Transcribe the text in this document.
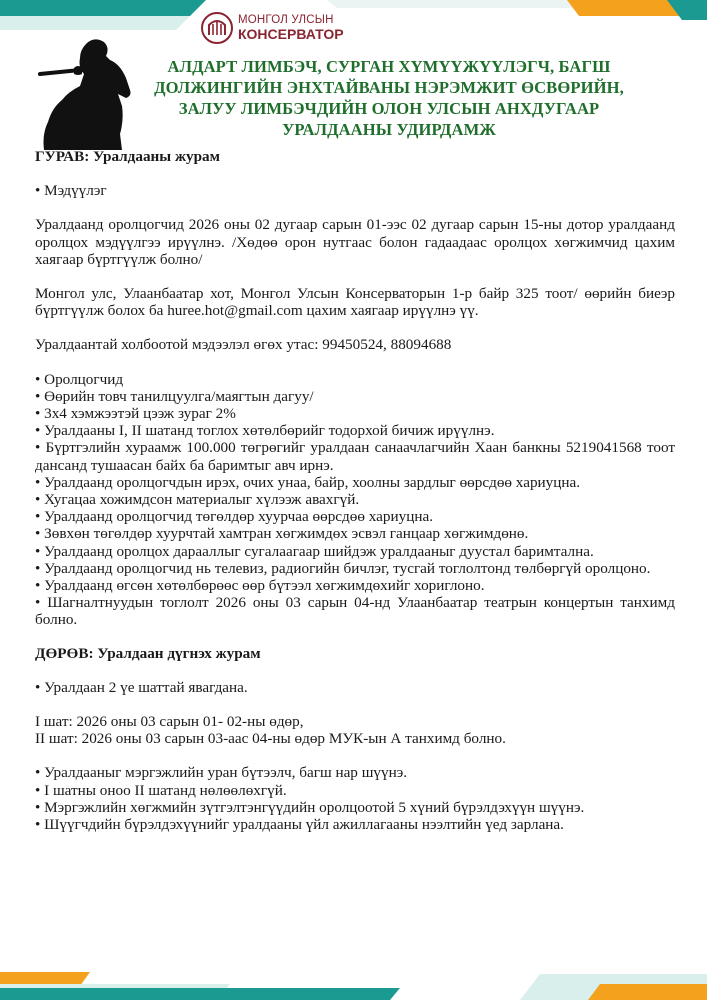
МОНГОЛ УЛСЫН
КОНСЕРВАТОР
АЛДАРТ ЛИМБЭЧ, СУРГАН ХҮМҮҮЖҮҮЛЭГЧ, БАГШ ДОЛЖИНГИЙН ЭНХТАЙВАНЫ НЭРЭМЖИТ ӨСВӨРИЙН, ЗАЛУУ ЛИМБЭЧДИЙН ОЛОН УЛСЫН АНХДУГААР УРАЛДААНЫ УДИРДАМЖ

ГУРАВ: Уралдааны журам

• Мэдүүлэг

Уралдаанд оролцогчид 2026 оны 02 дугаар сарын 01-ээс 02 дугаар сарын 15-ны дотор уралдаанд оролцох мэдүүлгээ ирүүлнэ. /Хөдөө орон нутгаас болон гадаадаас оролцох хөгжимчид цахим хаягаар бүртгүүлж болно/

Монгол улс, Улаанбаатар хот, Монгол Улсын Консерваторын 1-р байр 325 тоот/ өөрийн биеэр бүртгүүлж болох ба huree.hot@gmail.com цахим хаягаар ирүүлнэ үү.

Уралдаантай холбоотой мэдээлэл өгөх утас: 99450524, 88094688

• Оролцогчид

• Өөрийн товч танилцуулга/маягтын дагуу/

• 3x4 хэмжээтэй цээж зураг 2%

• Уралдааны I, II шатанд тоглох хөтөлбөрийг тодорхой бичиж ирүүлнэ.

• Бүртгэлийн хураамж 100.000 төгрөгийг уралдаан санаачлагчийн Хаан банкны 5219041568 тоот дансанд тушаасан байх ба баримтыг авч ирнэ.

• Уралдаанд оролцогчдын ирэх, очих унаа, байр, хоолны зардлыг өөрсдөө хариуцна.

• Хугацаа хожимдсон материалыг хүлээж авахгүй.

• Уралдаанд оролцогчид төгөлдөр хуурчаа өөрсдөө хариуцна.

• Зөвхөн төгөлдөр хуурчтай хамтран хөгжимдөх эсвэл ганцаар хөгжимдөнө.

• Уралдаанд оролцох дарааллыг сугалаагаар шийдэж уралдааныг дуустал баримталнa.

• Уралдаанд оролцогчид нь телевиз, радиогийн бичлэг, тусгай тоглолтонд төлбөргүй оролцоно.

• Уралдаанд өгсөн хөтөлбөрөөс өөр бүтээл хөгжимдөхийг хориглоно.

• Шагналтнуудын тоглолт 2026 оны 03 сарын 04-нд Улаанбаатар театрын концертын танхимд болно.

ДӨРӨВ: Уралдаан дүгнэх журам

• Уралдаан 2 үе шаттай явагдана.

I шат: 2026 оны 03 сарын 01- 02-ны өдөр,

II шат: 2026 оны 03 сарын 03-аас 04-ны өдөр МУК-ын А танхимд болно.

• Уралдааныг мэргэжлийн уран бүтээлч, багш нар шүүнэ.

• I шатны оноо II шатанд нөлөөлөхгүй.

• Мэргэжлийн хөгжмийн зүтгэлтэнгүүдийн оролцоотой 5 хүний бүрэлдэхүүн шүүнэ.

• Шүүгчдийн бүрэлдэхүүнийг уралдааны үйл ажиллагааны нээлтийн үед зарлана.
